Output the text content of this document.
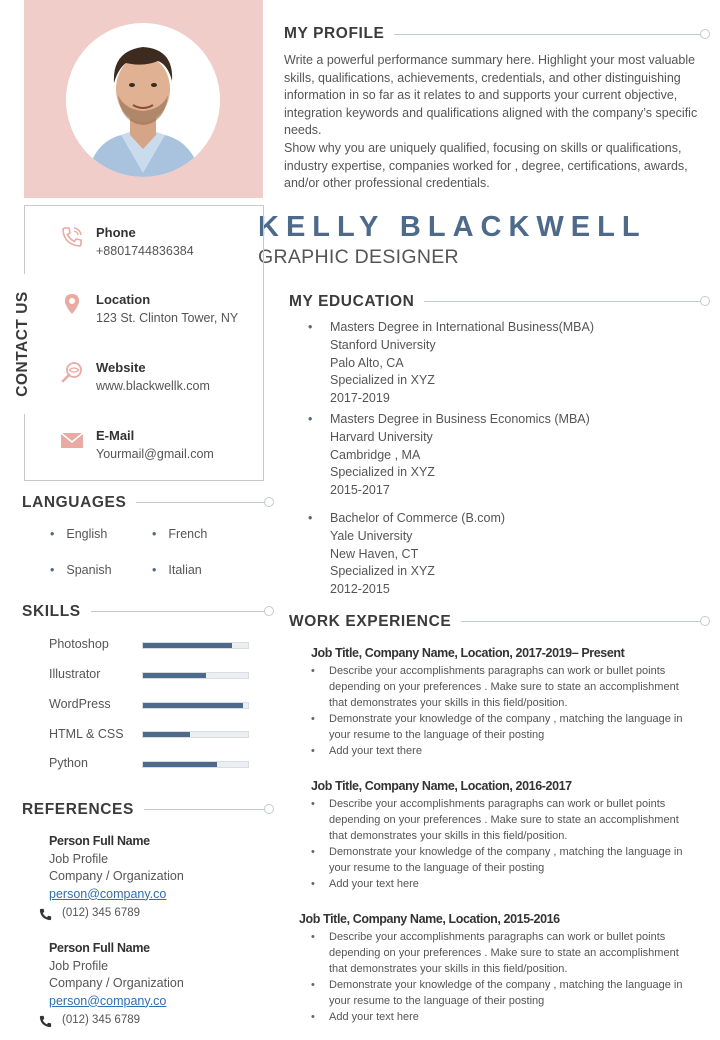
MY PROFILE

Write a powerful performance summary here. Highlight your most valuable skills, qualifications, achievements, credentials, and other distinguishing information in so far as it relates to and supports your current objective, integration keywords and qualifications aligned with the company’s specific needs.

Show why you are uniquely qualified, focusing on skills or qualifications, industry expertise, companies worked for , degree, certifications, awards, and/or other professional credentials.

KELLY BLACKWELL
GRAPHIC DESIGNER
CONTACT US
Phone
+8801744836384
Location
123 St. Clinton Tower, NY
Website
www.blackwellk.com
E-Mail
Yourmail@gmail.com
LANGUAGES
• English	• French
• Spanish	• Italian
SKILLS
Photoshop
Illustrator
WordPress
HTML & CSS
Python
REFERENCES
Person Full Name
Job Profile
Company / Organization
person@company.co
(012) 345 6789
Person Full Name
Job Profile
Company / Organization
person@company.co
(012) 345 6789
MY EDUCATION
• Masters Degree in International Business(MBA)
Stanford University
Palo Alto, CA
Specialized in XYZ
2017-2019
• Masters Degree in Business Economics (MBA)
Harvard University
Cambridge , MA
Specialized in XYZ
2015-2017
• Bachelor of Commerce (B.com)
Yale University
New Haven, CT
Specialized in XYZ
2012-2015
WORK EXPERIENCE
Job Title, Company Name, Location, 2017-2019– Present
• Describe your accomplishments paragraphs can work or bullet points depending on your preferences . Make sure to state an accomplishment that demonstrates your skills in this field/position.
• Demonstrate your knowledge of the company , matching the language in your resume to the language of their posting
• Add your text there
Job Title, Company Name, Location, 2016-2017
• Describe your accomplishments paragraphs can work or bullet points depending on your preferences . Make sure to state an accomplishment that demonstrates your skills in this field/position.
• Demonstrate your knowledge of the company , matching the language in your resume to the language of their posting
• Add your text here
Job Title, Company Name, Location, 2015-2016
• Describe your accomplishments paragraphs can work or bullet points depending on your preferences . Make sure to state an accomplishment that demonstrates your skills in this field/position.
• Demonstrate your knowledge of the company , matching the language in your resume to the language of their posting
• Add your text here
